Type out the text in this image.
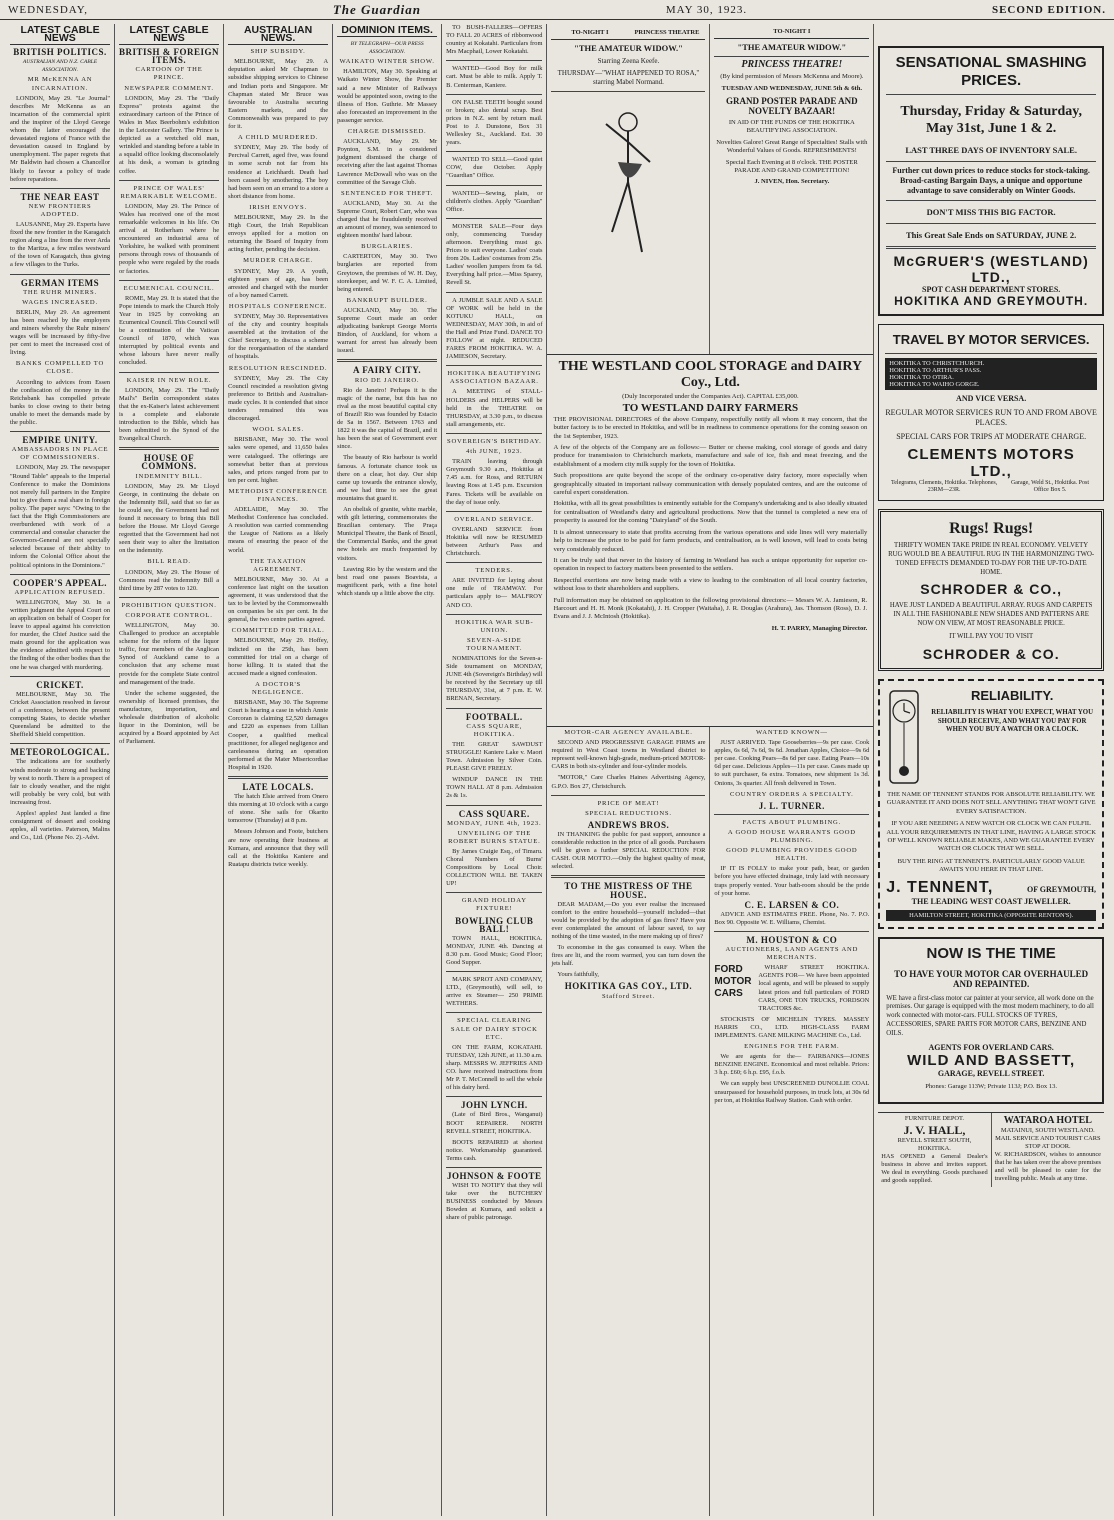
WEDNESDAY,	The Guardian	MAY 30, 1923.	SECOND EDITION.
LATEST CABLE NEWS
BRITISH POLITICS.
AUSTRALIAN AND N.Z. CABLE ASSOCIATION.
MR McKENNA AN INCARNATION.

LONDON, May 29. "Le Journal" describes Mr McKenna as an incarnation of the commercial spirit and the inspirer of the Lloyd George whom the latter encouraged the devastated regions of France with the devastation caused in England by unemployment. The paper regrets that Mr Baldwin had chosen a Chancellor likely to favour a policy of trade before reparations.

THE NEAR EAST
NEW FRONTIERS ADOPTED.

LAUSANNE, May 29. Experts have fixed the new frontier in the Karagatch region along a line from the river Arda to the Maritza, a few miles westward of the town of Karagatch, thus giving a few villages to the Turks.

GERMAN ITEMS
THE RUHR MINERS.
WAGES INCREASED.

BERLIN, May 29. An agreement has been reached by the employers and miners whereby the Ruhr miners' wages will be increased by fifty-five per cent to meet the increased cost of living.

BANKS COMPELLED TO CLOSE.

According to advices from Essen the confiscation of the money in the Reichsbank has compelled private banks to close owing to their being unable to meet the demands made by the public.

EMPIRE UNITY.
AMBASSADORS IN PLACE OF COMMISSIONERS.

LONDON, May 29. The newspaper "Round Table" appeals to the Imperial Conference to make the Dominions not merely full partners in the Empire but to give them a real share in foreign policy. The paper says: "Owing to the fact that the High Commissioners are overburdened with work of a commercial and consular character the Governors-General are not specially selected because of their ability to inform the Colonial Office about the political opinions in the Dominions."

COOPER'S APPEAL.
APPLICATION REFUSED.

WELLINGTON, May 30. In a written judgment the Appeal Court on an application on behalf of Cooper for leave to appeal against his conviction for murder, the Chief Justice said the main ground for the application was the evidence admitted with respect to the finding of the other bodies than the one he was charged with murdering.

CRICKET.

MELBOURNE, May 30. The Cricket Association resolved in favour of a conference, between the present competing States, to decide whether Queensland be admitted to the Sheffield Shield competition.

METEOROLOGICAL.

The indications are for southerly winds moderate to strong and backing by west to north. There is a prospect of fair to cloudy weather, and the night will probably be very cold, but with increasing frost.

Apples! apples! Just landed a fine consignment of dessert and cooking apples, all varieties. Paterson, Malins and Co., Ltd. (Phone No. 2).-Advt.

LATEST CABLE NEWS
BRITISH & FOREIGN ITEMS.
CARTOON OF THE PRINCE.
NEWSPAPER COMMENT.

LONDON, May 29. The "Daily Express" protests against the extraordinary cartoon of the Prince of Wales in Max Beerbohm's exhibition in the Leicester Gallery. The Prince is depicted as a wretched old man, wrinkled and standing before a table in a squalid office looking disconsolately at his desk, a woman is grinding coffee.

PRINCE OF WALES' REMARKABLE WELCOME.

LONDON, May 29. The Prince of Wales has received one of the most remarkable welcomes in his life. On arrival at Rotherham where he encountered an industrial area of Yorkshire, he walked with prominent persons through rows of thousands of people who were regaled by the roads or factories.

ECUMENICAL COUNCIL.

ROME, May 29. It is stated that the Pope intends to mark the Church Holy Year in 1925 by convoking an Ecumenical Council. This Council will be a continuation of the Vatican Council of 1870, which was interrupted by political events and whose labours have never really concluded.

KAISER IN NEW ROLE.

LONDON, May 29. The "Daily Mail's" Berlin correspondent states that the ex-Kaiser's latest achievement is a complete and elaborate introduction to the Bible, which has been submitted to the Synod of the Evangelical Church.

HOUSE OF COMMONS.
INDEMNITY BILL.

LONDON, May 29. Mr Lloyd George, in continuing the debate on the Indemnity Bill, said that so far as he could see, the Government had not found it necessary to bring this Bill before the House. Mr Lloyd George regretted that the Government had not seen their way to alter the limitation on the indemnity.

BILL READ.

LONDON, May 29. The House of Commons read the Indemnity Bill a third time by 287 votes to 120.

PROHIBITION QUESTION.
CORPORATE CONTROL.

WELLINGTON, May 30. Challenged to produce an acceptable scheme for the reform of the liquor traffic, four members of the Anglican Synod of Auckland came to a conclusion that any scheme must provide for the complete State control and management of the trade.

Under the scheme suggested, the ownership of licensed premises, the manufacture, importation, and wholesale distribution of alcoholic liquor in the Dominion, will be acquired by a Board appointed by Act of Parliament.

AUSTRALIAN NEWS.
SHIP SUBSIDY.

MELBOURNE, May 29. A deputation asked Mr Chapman to subsidise shipping services to Chinese and Indian ports and Singapore. Mr Chapman stated Mr Bruce was favourable to Australia securing Eastern markets, and the Commonwealth was prepared to pay for it.

A CHILD MURDERED.

SYDNEY, May 29. The body of Percival Carrett, aged five, was found in some scrub not far from his residence at Leichhardt. Death had been caused by smothering. The boy had been seen on an errand to a store a short distance from home.

IRISH ENVOYS.

MELBOURNE, May 29. In the High Court, the Irish Republican envoys applied for a motion on returning the Board of Inquiry from acting further, pending the decision.

MURDER CHARGE.

SYDNEY, May 29. A youth, eighteen years of age, has been arrested and charged with the murder of a boy named Carrett.

HOSPITALS CONFERENCE.

SYDNEY, May 30. Representatives of the city and country hospitals assembled at the invitation of the Chief Secretary, to discuss a scheme for the reorganisation of the standard of hospitals.

RESOLUTION RESCINDED.

SYDNEY, May 29. The City Council rescinded a resolution giving preference to British and Australian-made cycles. It is contended that since tenders remained this was discouraged.

WOOL SALES.

BRISBANE, May 30. The wool sales were opened, and 11,650 bales were catalogued. The offerings are somewhat better than at previous sales, and prices ranged from par to ten per cent. higher.

METHODIST CONFERENCE FINANCES.

ADELAIDE, May 30. The Methodist Conference has concluded. A resolution was carried commending the League of Nations as a likely means of ensuring the peace of the world.

THE TAXATION AGREEMENT.

MELBOURNE, May 30. At a conference last night on the taxation agreement, it was understood that the tax to be levied by the Commonwealth on companies be six per cent. In the general, the two centre parties agreed.

COMMITTED FOR TRIAL.

MELBOURNE, May 29. Hoffey, indicted on the 25th, has been committed for trial on a charge of horse killing. It is stated that the accused made a signed confession.

A DOCTOR'S NEGLIGENCE.

BRISBANE, May 30. The Supreme Court is hearing a case in which Annie Corcoran is claiming £2,520 damages and £220 as expenses from Lillian Cooper, a qualified medical practitioner, for alleged negligence and carelessness during an operation performed at the Mater Misericordiae Hospital in 1920.

LATE LOCALS.

The hatch Elsie arrived from Onero this morning at 10 o'clock with a cargo of stone. She sails for Okarito tomorrow (Thursday) at 8 p.m.

Messrs Johnson and Foote, butchers are now operating their business at Kumara, and announce that they will call at the Hokitika Kaniere and Ruatapu districts twice weekly.

DOMINION ITEMS.
BY TELEGRAPH—OUR PRESS ASSOCIATION.
WAIKATO WINTER SHOW.

HAMILTON, May 30. Speaking at Waikato Winter Show, the Premier said a new Minister of Railways would be appointed soon, owing to the illness of Hon. Guthrie. Mr Massey also forecasted an improvement in the passenger service.

CHARGE DISMISSED.

AUCKLAND, May 29. Mr Poynton, S.M. in a considered judgment dismissed the charge of receiving after the last against Thomas Lawrence McDowall who was on the committee of the Savage Club.

SENTENCED FOR THEFT.

AUCKLAND, May 30. At the Supreme Court, Robert Carr, who was charged that he fraudulently received an amount of money, was sentenced to eighteen months' hard labour.

BURGLARIES.

CARTERTON, May 30. Two burglaries are reported from Greytown, the premises of W. H. Day, storekeeper, and W. F. C. A. Limited, being entered.

BANKRUPT BUILDER.

AUCKLAND, May 30. The Supreme Court made an order adjudicating bankrupt George Morris Bindon, of Auckland, for whom a warrant for arrest has already been issued.

A FAIRY CITY.
RIO DE JANEIRO.

Rio de Janeiro! Perhaps it is the magic of the name, but this has no rival as the most beautiful capital city of Brazil! Rio was founded by Estacio de Sa in 1567. Between 1763 and 1822 it was the capital of Brazil, and it has been the seat of Government ever since.

The beauty of Rio harbour is world famous. A fortunate chance took us there on a clear, hot day. Our ship came up towards the entrance slowly, and we had time to see the great mountains that guard it.

An obelisk of granite, white marble, with gilt lettering, commemorates the Brazilian centenary. The Praça Municipal Theatre, the Bank of Brazil, the Commercial Banks, and the great new hotels are much frequented by visitors.

Leaving Rio by the western and the best road one passes Boavista, a magnificent park, with a fine hotel which stands up a little above the city.

TO BUSH-FALLERS—OFFERS TO FALL 20 ACRES of ribbonwood country at Kokatahi. Particulars from Mrs Macphail, Lower Kokatahi.

WANTED—Good Boy for milk cart. Must be able to milk. Apply T. B. Centerman, Kaniere.

ON FALSE TEETH bought sound or broken; also dental scrap. Best prices in N.Z. sent by return mail. Post to J. Dunstone, Box 31 Wellesley St., Auckland. Est. 30 years.

WANTED TO SELL—Good quiet COW, due October. Apply "Guardian" Office.

WANTED—Sewing, plain, or children's clothes. Apply "Guardian" Office.

MONSTER SALE—Four days only, commencing Tuesday afternoon. Everything must go. Prices to suit everyone. Ladies' coats from 20s. Ladies' costumes from 25s. Ladies' woollen jumpers from 6s 6d. Everything half price.—Miss Sparey, Revell St.

A JUMBLE SALE AND A SALE OF WORK will be held in the KOTUKU HALL, on WEDNESDAY, MAY 30th, in aid of the Hall and Prize Fund. DANCE TO FOLLOW at night. REDUCED FARES FROM HOKITIKA. W. A. JAMIESON, Secretary.

HOKITIKA BEAUTIFYING ASSOCIATION BAZAAR.

A MEETING of STALL-HOLDERS and HELPERS will be held in the THEATRE on THURSDAY, at 3.30 p.m., to discuss stall arrangements, etc.

SOVEREIGN'S BIRTHDAY.
4th JUNE, 1923.

TRAIN leaving through Greymouth 9.30 a.m., Hokitika at 7.45 a.m. for Ross, and RETURN leaving Ross at 1.45 p.m. Excursion Fares. Tickets will be available on the day of issue only.

OVERLAND SERVICE.

OVERLAND SERVICE from Hokitika will now be RESUMED between Arthur's Pass and Christchurch.

TENDERS.

ARE INVITED for laying about one mile of TRAMWAY. For particulars apply to— MALFROY AND CO.

HOKITIKA WAR SUB-UNION.
SEVEN-A-SIDE TOURNAMENT.

NOMINATIONS for the Seven-a-Side tournament on MONDAY, JUNE 4th (Sovereign's Birthday) will be received by the Secretary up till THURSDAY, 31st, at 7 p.m. E. W. BRENAN, Secretary.

FOOTBALL.
CASS SQUARE, HOKITIKA.

THE GREAT SAWDUST STRUGGLE! Kaniere Lake v. Maori Town. Admission by Silver Coin. PLEASE GIVE FREELY.

WINDUP DANCE IN THE TOWN HALL AT 8 p.m. Admission 2s & 1s.

CASS SQUARE.
MONDAY, JUNE 4th, 1923.
UNVEILING OF THE ROBERT BURNS STATUE.

By James Craigie Esq., of Timaru. Choral Numbers of Burns' Compositions by Local Choir. COLLECTION WILL BE TAKEN UP!

GRAND HOLIDAY FIXTURE!
BOWLING CLUB BALL!

TOWN HALL, HOKITIKA. MONDAY, JUNE 4th. Dancing at 8.30 p.m. Good Music; Good Floor; Good Supper.

MARK SPROT AND COMPANY, LTD., (Greymouth), will sell, to arrive ex Steamer— 250 PRIME WETHERS.

SPECIAL CLEARING SALE OF DAIRY STOCK ETC.

ON THE FARM, KOKATAHI. TUESDAY, 12th JUNE, at 11.30 a.m. sharp. MESSRS W. JEFFRIES AND CO. have received instructions from Mr P. T. McConnell to sell the whole of his dairy herd.

JOHN LYNCH.

(Late of Bird Bros., Wanganui) BOOT REPAIRER. NORTH REVELL STREET, HOKITIKA.

BOOTS REPAIRED at shortest notice. Workmanship guaranteed. Terms cash.

JOHNSON & FOOTE

WISH TO NOTIFY that they will take over the BUTCHERY BUSINESS conducted by Messrs Bowden at Kumara, and solicit a share of public patronage.

TO-NIGHT I	PRINCESS THEATRE
"THE AMATEUR WIDOW."
Starring Zeena Keefe.
THURSDAY—"WHAT HAPPENED TO ROSA," starring Mabel Normand.
TO-NIGHT I
"THE AMATEUR WIDOW."
PRINCESS THEATRE!
(By kind permission of Messrs McKenna and Moore).
TUESDAY AND WEDNESDAY, JUNE 5th & 6th.
GRAND POSTER PARADE AND NOVELTY BAZAAR!
IN AID OF THE FUNDS OF THE HOKITIKA BEAUTIFYING ASSOCIATION.
Novelties Galore! Great Range of Specialties! Stalls with Wonderful Values of Goods. REFRESHMENTS!
Special Each Evening at 8 o'clock. THE POSTER PARADE AND GRAND COMPETITION!
J. NIVEN, Hon. Secretary.
THE WESTLAND COOL STORAGE and DAIRY Coy., Ltd.
(Duly Incorporated under the Companies Act). CAPITAL £35,000.
TO WESTLAND DAIRY FARMERS

THE PROVISIONAL DIRECTORS of the above Company, respectfully notify all whom it may concern, that the butter factory is to be erected in Hokitika, and will be in readiness to commence operations for the coming season on the 1st September, 1923.

A few of the objects of the Company are as follows:— Butter or cheese making, cool storage of goods and dairy produce for transmission to Christchurch markets, manufacture and sale of ice, fish and meat freezing, and the establishment of a modern city milk supply for the town of Hokitika.

Such propositions are quite beyond the scope of the ordinary co-operative dairy factory, more especially when geographically situated in important railway communication with densely populated centres, and are the outcome of careful expert consideration.

Hokitika, with all its great possibilities is eminently suitable for the Company's undertaking and is also ideally situated for centralisation of Westland's dairy and agricultural productions. Now that the tunnel is completed a new era of prosperity is assured for the coming "Dairyland" of the South.

It is almost unnecessary to state that profits accruing from the various operations and side lines will very materially help to increase the price to be paid for farm products, and centralisation, as is well known, will lead to costs being very considerably reduced.

It can be truly said that never in the history of farming in Westland has such a unique opportunity for superior co-operation in respect to factory matters been presented to the settlers.

Respectful exertions are now being made with a view to leading to the combination of all local country factories, without loss to their shareholders and suppliers.

Full information may be obtained on application to the following provisional directors:— Messrs W. A. Jamieson, R. Harcourt and H. H. Monk (Kokatahi), J. H. Cropper (Waitaha), J. R. Douglas (Arahura), Jas. Thomson (Ross), D. J. Evans and J. J. McIntosh (Hokitika).

H. T. PARRY, Managing Director.
MOTOR-CAR AGENCY AVAILABLE.

SECOND AND PROGRESSIVE GARAGE FIRMS are required in West Coast towns in Westland district to represent well-known high-grade, medium-priced MOTOR-CARS in both six-cylinder and four-cylinder models.

"MOTOR," Care Charles Haines Advertising Agency, G.P.O. Box 27, Christchurch.

PRICE OF MEAT!
SPECIAL REDUCTIONS.
ANDREWS BROS.

IN THANKING the public for past support, announce a considerable reduction in the price of all goods. Purchasers will be given a further SPECIAL REDUCTION FOR CASH. OUR MOTTO.—Only the highest quality of meat, selected.

TO THE MISTRESS OF THE HOUSE.

DEAR MADAM,—Do you ever realise the increased comfort to the entire household—yourself included—that would be provided by the adoption of gas fires? Have you ever contemplated the amount of labour saved, to say nothing of the time wasted, in the mere making up of fires?

To economise in the gas consumed is easy. When the fires are lit, and the room warmed, you can turn down the jets half.

Yours faithfully,

HOKITIKA GAS COY., LTD.
Stafford Street.
WANTED KNOWN—

JUST ARRIVED. Tape Gooseberries—9s per case. Cook apples, 6s 6d, 7s 6d, 9s 6d. Jonathan Apples, Choice—9s 6d per case. Cooking Pears—8s 6d per case. Eating Pears—10s 6d per case. Delicious Apples—11s per case. Cases made up to suit purchaser, 6s extra. Tomatoes, new shipment 1s 3d. Onions, 3s quarter. All fresh delivered in Town.

COUNTRY ORDERS A SPECIALTY.
J. L. TURNER.
FACTS ABOUT PLUMBING.
A GOOD HOUSE WARRANTS GOOD PLUMBING.
GOOD PLUMBING PROVIDES GOOD HEALTH.

IF IT IS FOLLY to make your path, bear, or garden before you have effected drainage, truly laid with necessary traps properly vented. Your bath-room should be the pride of your home.

C. E. LARSEN & CO.

ADVICE AND ESTIMATES FREE. Phone, No. 7. P.O. Box 90. Opposite W. E. Williams, Chemist.

M. HOUSTON & CO
AUCTIONEERS, LAND AGENTS AND MERCHANTS.
FORD MOTOR CARS

WHARF STREET HOKITIKA. AGENTS FOR— We have been appointed local agents, and will be pleased to supply latest prices and full particulars of FORD CARS, ONE TON TRUCKS, FORDSON TRACTORS &c.

STOCKISTS OF MICHELIN TYRES. MASSEY HARRIS CO., LTD. HIGH-CLASS FARM IMPLEMENTS. GANE MILKING MACHINE Co., Ltd.

ENGINES FOR THE FARM.

We are agents for the— FAIRBANKS—JONES BENZINE ENGINE. Economical and most reliable. Prices: 3 h.p. £60; 6 h.p. £95, f.o.b.

We can supply best UNSCREENED DUNOLLIE COAL unsurpassed for household purposes, in truck lots, at 30s 6d per ton, at Hokitika Railway Station. Cash with order.

SENSATIONAL SMASHING PRICES.
Thursday, Friday & Saturday, May 31st, June 1 & 2.
LAST THREE DAYS OF INVENTORY SALE.
Further cut down prices to reduce stocks for stock-taking. Broad-casting Bargain Days, a unique and opportune advantage to save considerably on Winter Goods.
DON'T MISS THIS BIG FACTOR.
This Great Sale Ends on SATURDAY, JUNE 2.
McGRUER'S (WESTLAND) LTD.,
SPOT CASH DEPARTMENT STORES.
HOKITIKA AND GREYMOUTH.
TRAVEL BY MOTOR SERVICES.
HOKITIKA TO CHRISTCHURCH.
HOKITIKA TO ARTHUR'S PASS.
HOKITIKA TO OTIRA.
HOKITIKA TO WAIHO GORGE.
AND VICE VERSA.
REGULAR MOTOR SERVICES RUN TO AND FROM ABOVE PLACES.
SPECIAL CARS FOR TRIPS AT MODERATE CHARGE.
CLEMENTS MOTORS LTD.,
Telegrams, Clements, Hokitika. Telephones, 23RM—23R.
Garage, Weld St., Hokitika. Post Office Box 5.
Rugs! Rugs!
THRIFTY WOMEN TAKE PRIDE IN REAL ECONOMY. VELVETY RUG WOULD BE A BEAUTIFUL RUG IN THE HARMONIZING TWO-TONED EFFECTS DEMANDED TO-DAY FOR THE UP-TO-DATE HOME.
SCHRODER & CO.,
HAVE JUST LANDED A BEAUTIFUL ARRAY. RUGS AND CARPETS IN ALL THE FASHIONABLE NEW SHADES AND PATTERNS ARE NOW ON VIEW, AT MOST REASONABLE PRICE.
IT WILL PAY YOU TO VISIT
SCHRODER & CO.
RELIABILITY.
RELIABILITY IS WHAT YOU EXPECT, WHAT YOU SHOULD RECEIVE, AND WHAT YOU PAY FOR WHEN YOU BUY A WATCH OR A CLOCK.
THE NAME OF TENNENT STANDS FOR ABSOLUTE RELIABILITY. WE GUARANTEE IT AND DOES NOT SELL ANYTHING THAT WON'T GIVE EVERY SATISFACTION.
IF YOU ARE NEEDING A NEW WATCH OR CLOCK WE CAN FULFIL ALL YOUR REQUIREMENTS IN THAT LINE, HAVING A LARGE STOCK OF WELL KNOWN RELIABLE MAKES, AND WE GUARANTEE EVERY WATCH OR CLOCK THAT WE SELL.
BUY THE RING AT TENNENT'S. PARTICULARLY GOOD VALUE AWAITS YOU HERE IN THAT LINE.
J. TENNENT,	OF GREYMOUTH,
THE LEADING WEST COAST JEWELLER.
HAMILTON STREET, HOKITIKA (OPPOSITE RENTON'S).
NOW IS THE TIME
TO HAVE YOUR MOTOR CAR OVERHAULED AND REPAINTED.
WE have a first-class motor car painter at your service, all work done on the premises. Our garage is equipped with the most modern machinery, to do all work connected with motor-cars. FULL STOCKS OF TYRES, ACCESSORIES, SPARE PARTS FOR MOTOR CARS, BENZINE AND OILS.
AGENTS FOR OVERLAND CARS.
WILD AND BASSETT,
GARAGE, REVELL STREET.
Phones: Garage 113W; Private 113J; P.O. Box 13.
FURNITURE DEPOT.
J. V. HALL,
REVELL STREET SOUTH, HOKITIKA.
HAS OPENED a General Dealer's business in above and invites support. We deal in everything. Goods purchased and goods supplied.
WATAROA HOTEL
MATAINUI, SOUTH WESTLAND.
MAIL SERVICE AND TOURIST CARS STOP AT DOOR.
W. RICHARDSON, wishes to announce that he has taken over the above premises and will be pleased to cater for the travelling public. Meals at any time.
